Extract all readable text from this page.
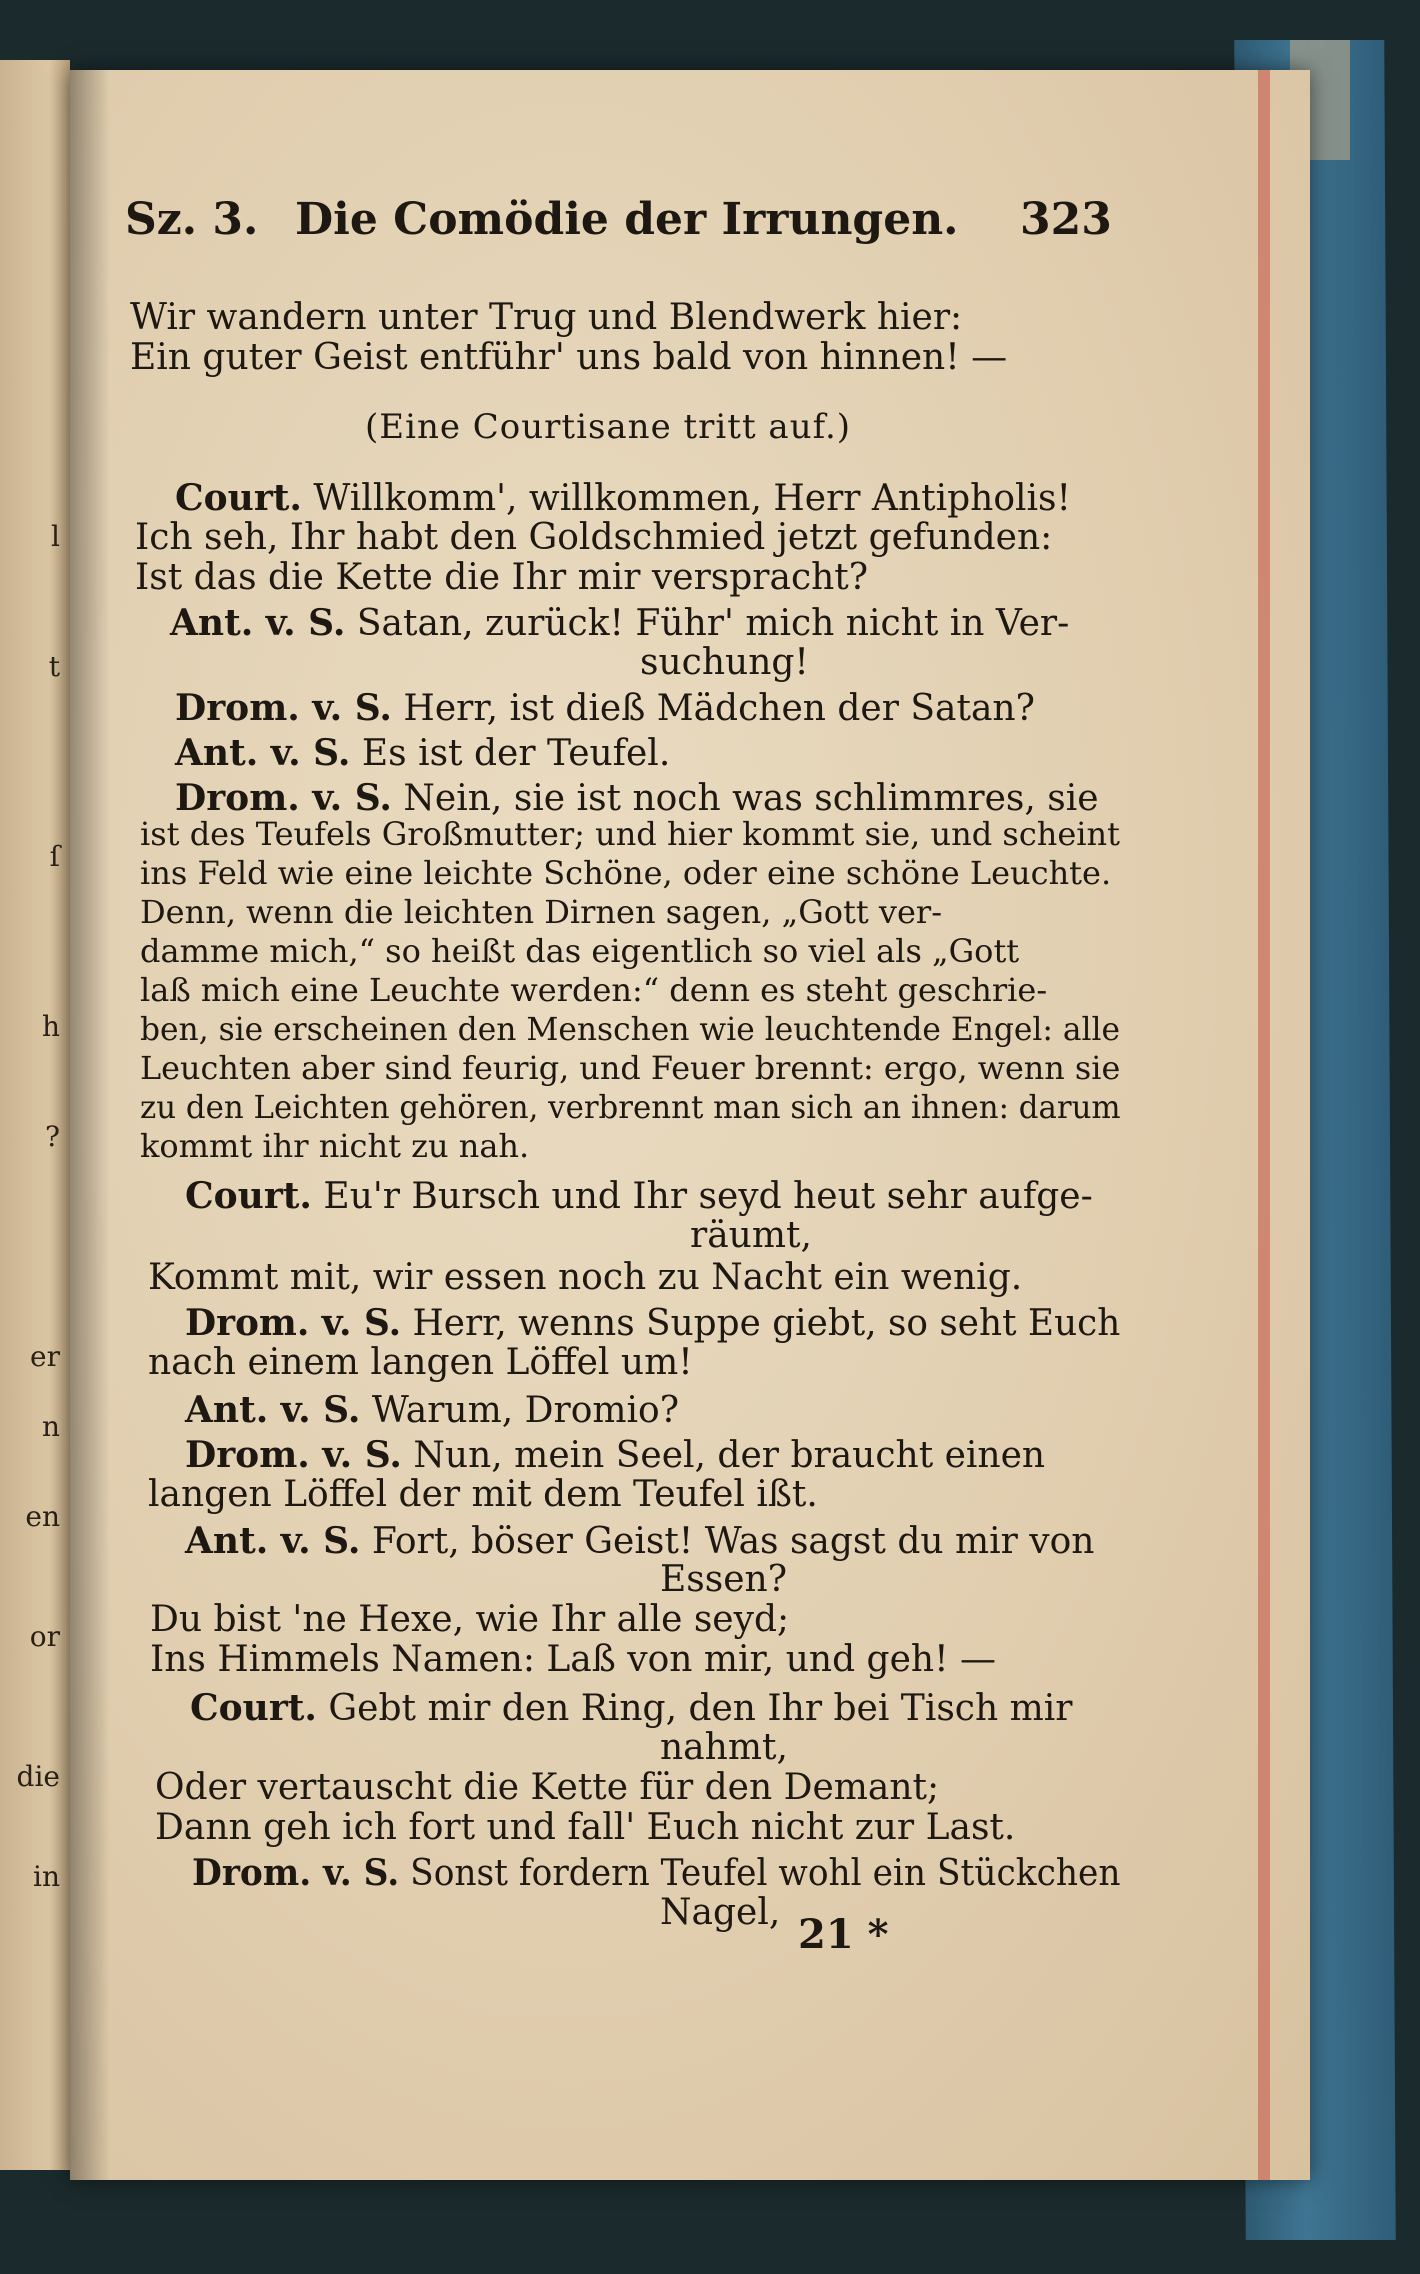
l
t
ſ
h
?
er
n
en
or
die
in
Sz. 3. Die Comödie der Irrungen. 323
Wir wandern unter Trug und Blendwerk hier:
Ein guter Geist entführ' uns bald von hinnen! —
(Eine Courtisane tritt auf.)
Court. Willkomm', willkommen, Herr Antipholis!
Ich seh, Ihr habt den Goldschmied jetzt gefunden:
Ist das die Kette die Ihr mir verspracht?
Ant. v. S. Satan, zurück! Führ' mich nicht in Ver-
suchung!
Drom. v. S. Herr, ist dieß Mädchen der Satan?
Ant. v. S. Es ist der Teufel.
Drom. v. S. Nein, sie ist noch was schlimmres, sie
ist des Teufels Großmutter; und hier kommt sie, und scheint
ins Feld wie eine leichte Schöne, oder eine schöne Leuchte.
Denn, wenn die leichten Dirnen sagen, „Gott ver-
damme mich,“ so heißt das eigentlich so viel als „Gott
laß mich eine Leuchte werden:“ denn es steht geschrie-
ben, sie erscheinen den Menschen wie leuchtende Engel: alle
Leuchten aber sind feurig, und Feuer brennt: ergo, wenn sie
zu den Leichten gehören, verbrennt man sich an ihnen: darum
kommt ihr nicht zu nah.
Court. Eu'r Bursch und Ihr seyd heut sehr aufge-
räumt,
Kommt mit, wir essen noch zu Nacht ein wenig.
Drom. v. S. Herr, wenns Suppe giebt, so seht Euch
nach einem langen Löffel um!
Ant. v. S. Warum, Dromio?
Drom. v. S. Nun, mein Seel, der braucht einen
langen Löffel der mit dem Teufel ißt.
Ant. v. S. Fort, böser Geist! Was sagst du mir von
Essen?
Du bist 'ne Hexe, wie Ihr alle seyd;
Ins Himmels Namen: Laß von mir, und geh! —
Court. Gebt mir den Ring, den Ihr bei Tisch mir
nahmt,
Oder vertauscht die Kette für den Demant;
Dann geh ich fort und fall' Euch nicht zur Last.
Drom. v. S. Sonst fordern Teufel wohl ein Stückchen
Nagel, 21 *
